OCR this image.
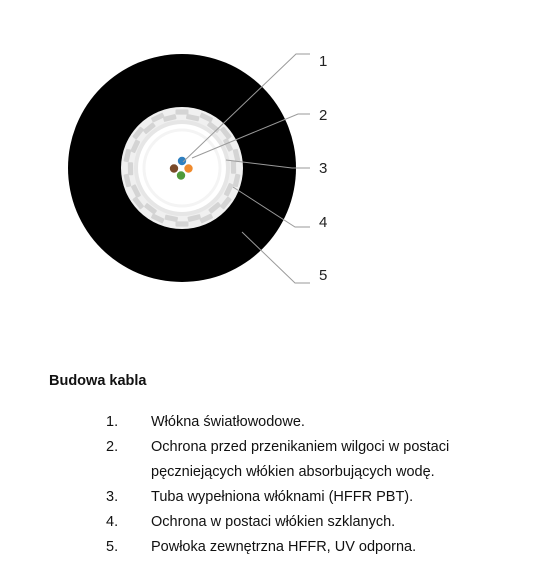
1
2
3
4
5
Budowa kabla
1. Włókna światłowodowe.
2. Ochrona przed przenikaniem wilgoci w postaci pęczniejących włókien absorbujących wodę.
3. Tuba wypełniona włóknami (HFFR PBT).
4. Ochrona w postaci włókien szklanych.
5. Powłoka zewnętrzna HFFR, UV odporna.
